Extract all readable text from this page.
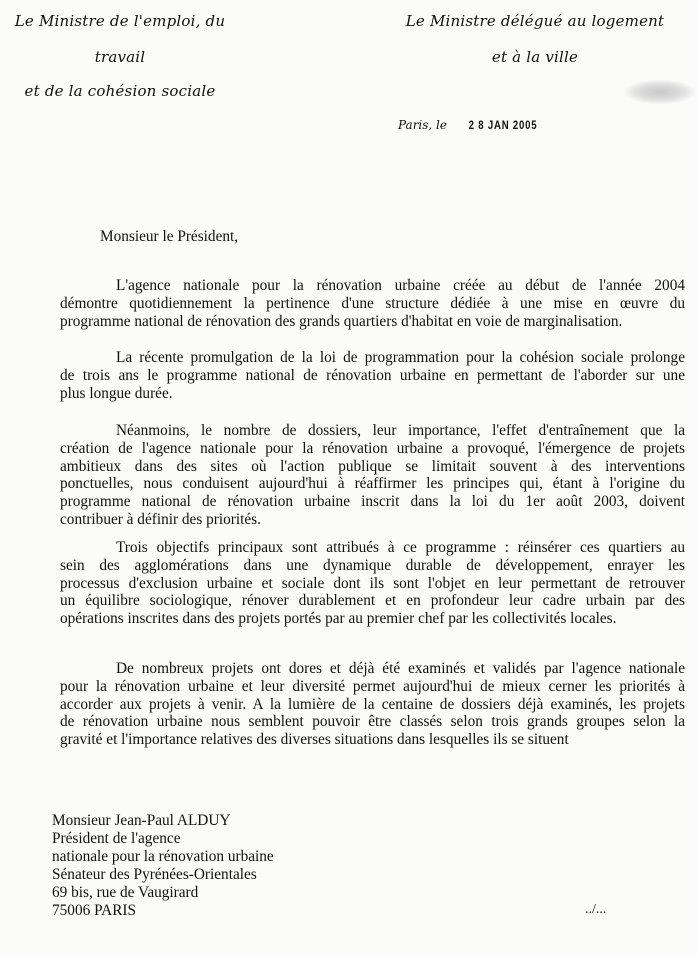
Le Ministre de l'emploi, du
travail
et de la cohésion sociale
Le Ministre délégué au logement
et à la ville
Paris, le 2 8 JAN 2005
Monsieur le Président,
L'agence nationale pour la rénovation urbaine créée au début de l'année 2004
démontre quotidiennement la pertinence d'une structure dédiée à une mise en œuvre du
programme national de rénovation des grands quartiers d'habitat en voie de marginalisation.
La récente promulgation de la loi de programmation pour la cohésion sociale prolonge
de trois ans le programme national de rénovation urbaine en permettant de l'aborder sur une
plus longue durée.
Néanmoins, le nombre de dossiers, leur importance, l'effet d'entraînement que la
création de l'agence nationale pour la rénovation urbaine a provoqué, l'émergence de projets
ambitieux dans des sites où l'action publique se limitait souvent à des interventions
ponctuelles, nous conduisent aujourd'hui à réaffirmer les principes qui, étant à l'origine du
programme national de rénovation urbaine inscrit dans la loi du 1er août 2003, doivent
contribuer à définir des priorités.
Trois objectifs principaux sont attribués à ce programme : réinsérer ces quartiers au
sein des agglomérations dans une dynamique durable de développement, enrayer les
processus d'exclusion urbaine et sociale dont ils sont l'objet en leur permettant de retrouver
un équilibre sociologique, rénover durablement et en profondeur leur cadre urbain par des
opérations inscrites dans des projets portés par au premier chef par les collectivités locales.
De nombreux projets ont dores et déjà été examinés et validés par l'agence nationale
pour la rénovation urbaine et leur diversité permet aujourd'hui de mieux cerner les priorités à
accorder aux projets à venir. A la lumière de la centaine de dossiers déjà examinés, les projets
de rénovation urbaine nous semblent pouvoir être classés selon trois grands groupes selon la
gravité et l'importance relatives des diverses situations dans lesquelles ils se situent
Monsieur Jean-Paul ALDUY
Président de l'agence
nationale pour la rénovation urbaine
Sénateur des Pyrénées-Orientales
69 bis, rue de Vaugirard
75006 PARIS	../...
